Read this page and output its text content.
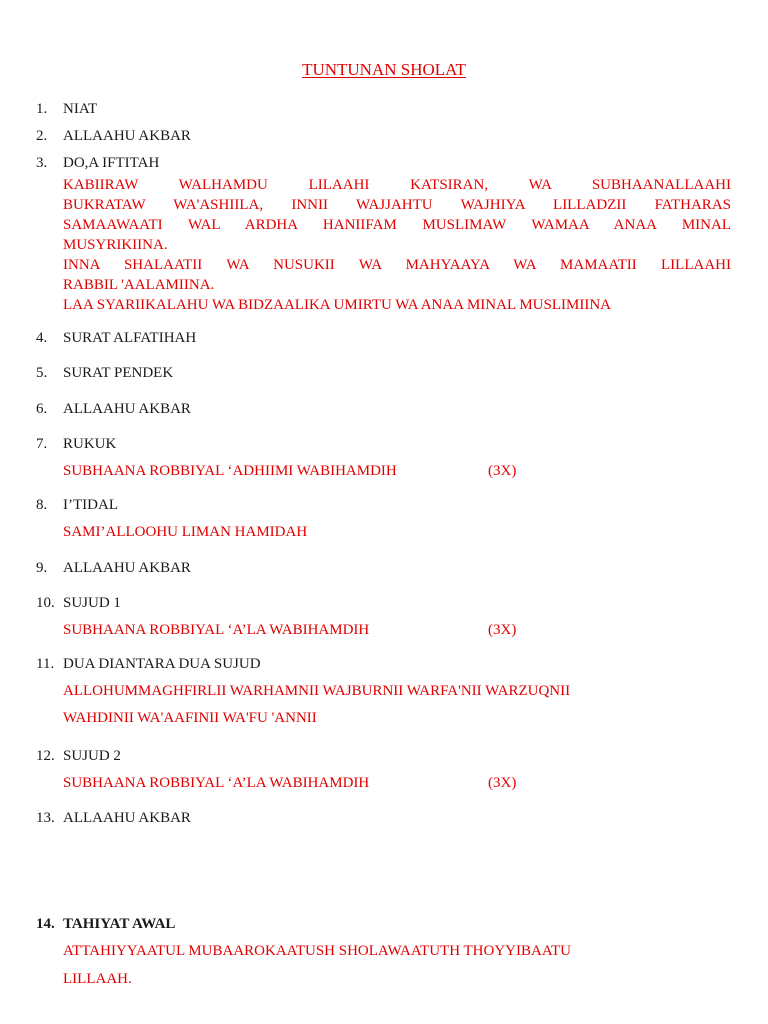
TUNTUNAN SHOLAT
1. NIAT
2. ALLAAHU AKBAR
3. DO,A IFTITAH
KABIIRAW WALHAMDU LILAAHI KATSIRAN, WA SUBHAANALLAAHI
BUKRATAW WA'ASHIILA, INNII WAJJAHTU WAJHIYA LILLADZII FATHARAS
SAMAAWAATI WAL ARDHA HANIIFAM MUSLIMAW WAMAA ANAA MINAL
MUSYRIKIINA.
INNA SHALAATII WA NUSUKII WA MAHYAAYA WA MAMAATII LILLAAHI
RABBIL 'AALAMIINA.
LAA SYARIIKALAHU WA BIDZAALIKA UMIRTU WA ANAA MINAL MUSLIMIINA
4. SURAT ALFATIHAH
5. SURAT PENDEK
6. ALLAAHU AKBAR
7. RUKUK
SUBHAANA ROBBIYAL ‘ADHIIMI WABIHAMDIH	(3X)
8. I’TIDAL
SAMI’ALLOOHU LIMAN HAMIDAH
9. ALLAAHU AKBAR
10. SUJUD 1
SUBHAANA ROBBIYAL ‘A’LA WABIHAMDIH	(3X)
11. DUA DIANTARA DUA SUJUD
ALLOHUMMAGHFIRLII WARHAMNII WAJBURNII WARFA'NII WARZUQNII
WAHDINII WA'AAFINII WA'FU 'ANNII
12. SUJUD 2
SUBHAANA ROBBIYAL ‘A’LA WABIHAMDIH	(3X)
13. ALLAAHU AKBAR
14. TAHIYAT AWAL
ATTAHIYYAATUL MUBAAROKAATUSH SHOLAWAATUTH THOYYIBAATU
LILLAAH.
